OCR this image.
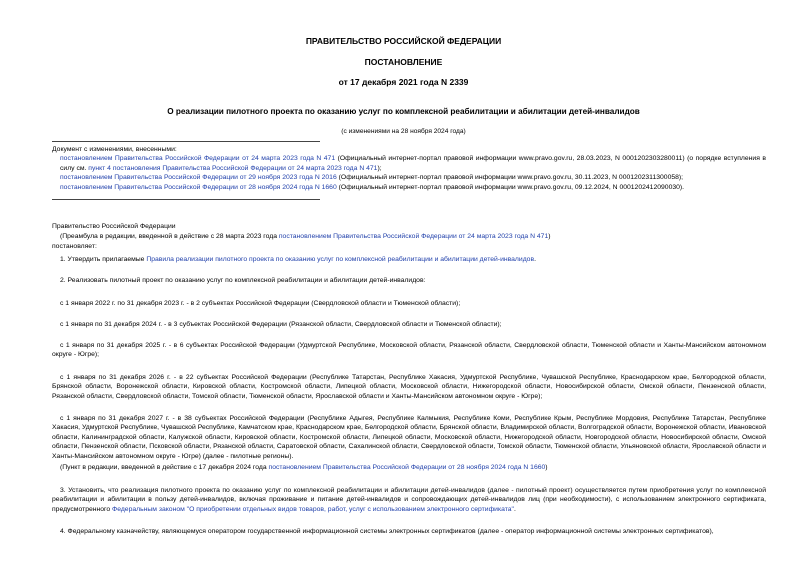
ПРАВИТЕЛЬСТВО РОССИЙСКОЙ ФЕДЕРАЦИИ
ПОСТАНОВЛЕНИЕ
от 17 декабря 2021 года N 2339
О реализации пилотного проекта по оказанию услуг по комплексной реабилитации и абилитации детей-инвалидов
(с изменениями на 28 ноября 2024 года)
Документ с изменениями, внесенными:
постановлением Правительства Российской Федерации от 24 марта 2023 года N 471 (Официальный интернет-портал правовой информации www.pravo.gov.ru, 28.03.2023, N 0001202303280011) (о порядке вступления в силу см. пункт 4 постановления Правительства Российской Федерации от 24 марта 2023 года N 471);
постановлением Правительства Российской Федерации от 29 ноября 2023 года N 2016 (Официальный интернет-портал правовой информации www.pravo.gov.ru, 30.11.2023, N 0001202311300058);
постановлением Правительства Российской Федерации от 28 ноября 2024 года N 1660 (Официальный интернет-портал правовой информации www.pravo.gov.ru, 09.12.2024, N 0001202412090030).
Правительство Российской Федерации
(Преамбула в редакции, введенной в действие с 28 марта 2023 года постановлением Правительства Российской Федерации от 24 марта 2023 года N 471)
постановляет:
1. Утвердить прилагаемые Правила реализации пилотного проекта по оказанию услуг по комплексной реабилитации и абилитации детей-инвалидов.
2. Реализовать пилотный проект по оказанию услуг по комплексной реабилитации и абилитации детей-инвалидов:
с 1 января 2022 г. по 31 декабря 2023 г. - в 2 субъектах Российской Федерации (Свердловской области и Тюменской области);
с 1 января по 31 декабря 2024 г. - в 3 субъектах Российской Федерации (Рязанской области, Свердловской области и Тюменской области);
с 1 января по 31 декабря 2025 г. - в 6 субъектах Российской Федерации (Удмуртской Республике, Московской области, Рязанской области, Свердловской области, Тюменской области и Ханты-Мансийском автономном округе - Югре);
с 1 января по 31 декабря 2026 г. - в 22 субъектах Российской Федерации (Республике Татарстан, Республике Хакасия, Удмуртской Республике, Чувашской Республике, Краснодарском крае, Белгородской области, Брянской области, Воронежской области, Кировской области, Костромской области, Липецкой области, Московской области, Нижегородской области, Новосибирской области, Омской области, Пензенской области, Рязанской области, Свердловской области, Томской области, Тюменской области, Ярославской области и Ханты-Мансийском автономном округе - Югре);
с 1 января по 31 декабря 2027 г. - в 38 субъектах Российской Федерации (Республике Адыгея, Республике Калмыкия, Республике Коми, Республике Крым, Республике Мордовия, Республике Татарстан, Республике Хакасия, Удмуртской Республике, Чувашской Республике, Камчатском крае, Краснодарском крае, Белгородской области, Брянской области, Владимирской области, Волгоградской области, Воронежской области, Ивановской области, Калининградской области, Калужской области, Кировской области, Костромской области, Липецкой области, Московской области, Нижегородской области, Новгородской области, Новосибирской области, Омской области, Пензенской области, Псковской области, Рязанской области, Саратовской области, Сахалинской области, Свердловской области, Томской области, Тюменской области, Ульяновской области, Ярославской области и Ханты-Мансийском автономном округе - Югре) (далее - пилотные регионы).
(Пункт в редакции, введенной в действие с 17 декабря 2024 года постановлением Правительства Российской Федерации от 28 ноября 2024 года N 1660)
3. Установить, что реализация пилотного проекта по оказанию услуг по комплексной реабилитации и абилитации детей-инвалидов (далее - пилотный проект) осуществляется путем приобретения услуг по комплексной реабилитации и абилитации в пользу детей-инвалидов, включая проживание и питание детей-инвалидов и сопровождающих детей-инвалидов лиц (при необходимости), с использованием электронного сертификата, предусмотренного Федеральным законом "О приобретении отдельных видов товаров, работ, услуг с использованием электронного сертификата".
4. Федеральному казначейству, являющемуся оператором государственной информационной системы электронных сертификатов (далее - оператор информационной системы электронных сертификатов),
